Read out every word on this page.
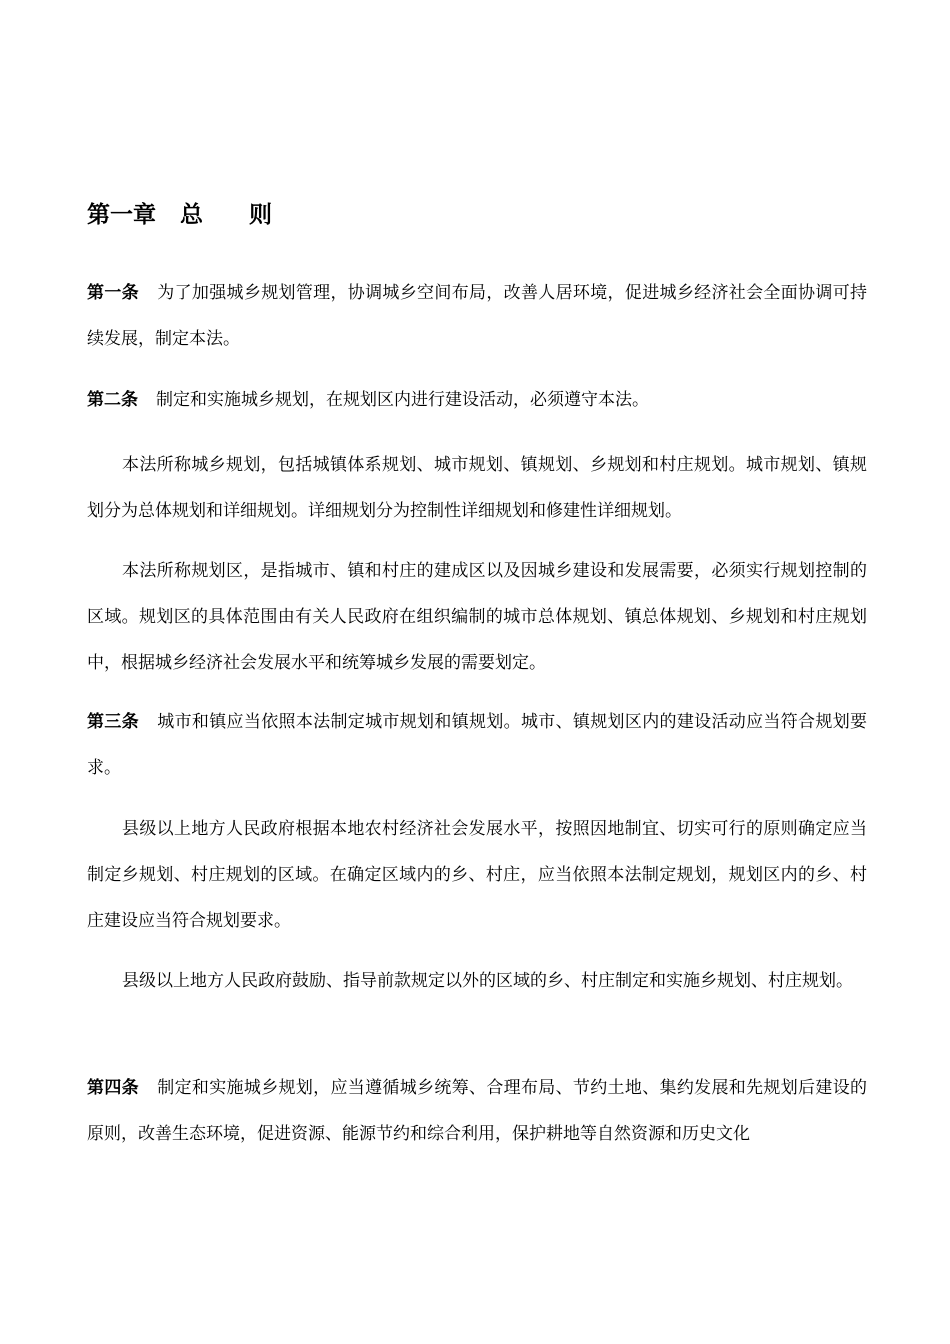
第一章 总 则

第一条 为了加强城乡规划管理，协调城乡空间布局，改善人居环境，促进城乡经济社会全面协调可持续发展，制定本法。

第二条 制定和实施城乡规划，在规划区内进行建设活动，必须遵守本法。

本法所称城乡规划，包括城镇体系规划、城市规划、镇规划、乡规划和村庄规划。城市规划、镇规划分为总体规划和详细规划。详细规划分为控制性详细规划和修建性详细规划。

本法所称规划区，是指城市、镇和村庄的建成区以及因城乡建设和发展需要，必须实行规划控制的区域。规划区的具体范围由有关人民政府在组织编制的城市总体规划、镇总体规划、乡规划和村庄规划中，根据城乡经济社会发展水平和统筹城乡发展的需要划定。

第三条 城市和镇应当依照本法制定城市规划和镇规划。城市、镇规划区内的建设活动应当符合规划要求。

县级以上地方人民政府根据本地农村经济社会发展水平，按照因地制宜、切实可行的原则确定应当制定乡规划、村庄规划的区域。在确定区域内的乡、村庄，应当依照本法制定规划，规划区内的乡、村庄建设应当符合规划要求。

县级以上地方人民政府鼓励、指导前款规定以外的区域的乡、村庄制定和实施乡规划、村庄规划。

第四条 制定和实施城乡规划，应当遵循城乡统筹、合理布局、节约土地、集约发展和先规划后建设的原则，改善生态环境，促进资源、能源节约和综合利用，保护耕地等自然资源和历史文化
